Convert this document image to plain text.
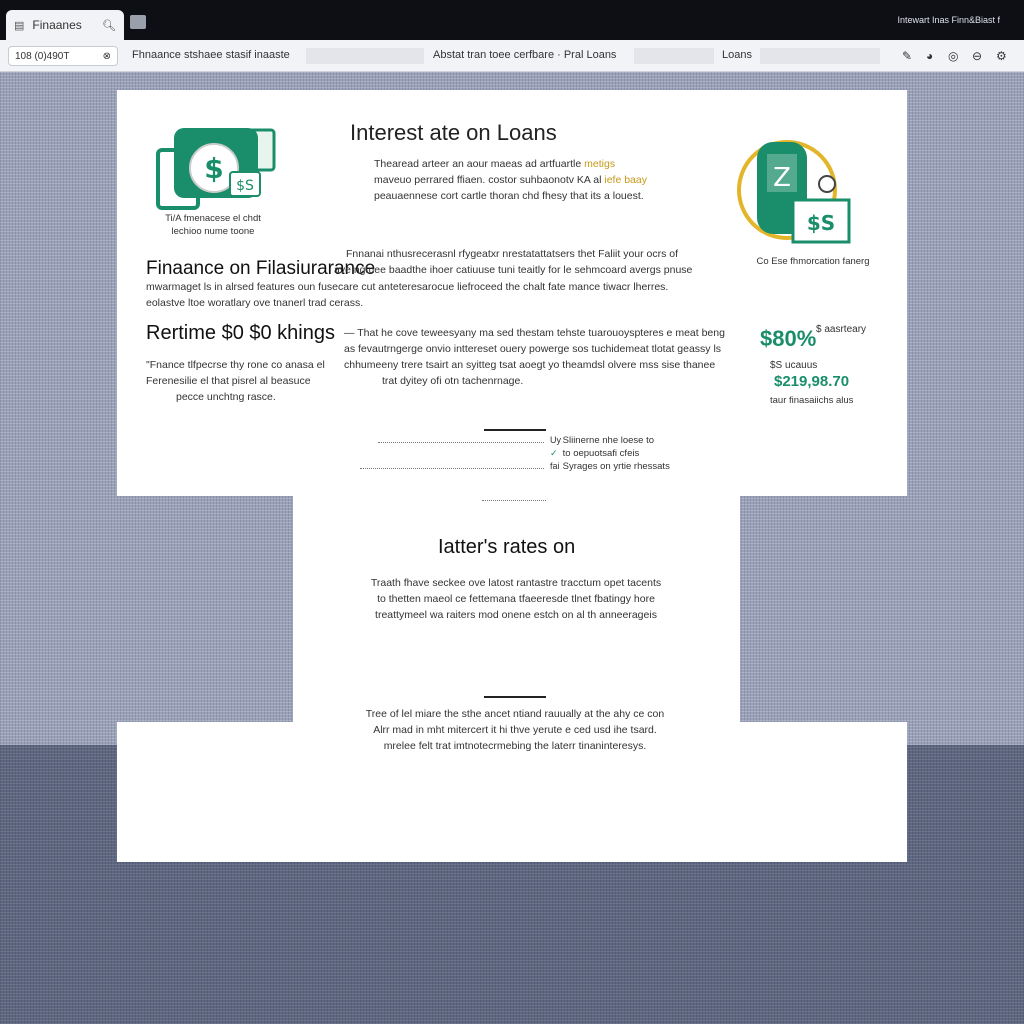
▤ Finaanes	🔍︎	Intewart Inas Finn&Biast f
108 (0)490T	⊗ Fhnaance stshaee stasif inaaste	Abstat tran toee cerfbare · Pral Loans	Loans	✎ ◕ ◎ ⊖ ⚙
$
$S
Ti/A fmenacese el chdt
lechioo nume toone
Z
$S
Co Ese fhmorcation fanerg
Interest ate on Loans
Thearead arteer an aour maeas ad artfuartle metigs
maveuo perrared ffiaen. costor suhbaonotv KA al iefe baay
peauaennese cort cartle thoran chd fhesy that its a louest.
Finaance on Filasiurarance
Fnnanai nthusrecerasnl rfygeatxr nrestatattatsers thet Faliit your ocrs of
ave ngtuee baadthe ihoer catiuuse tuni teaitly for le sehmcoard avergs pnuse
mwarmaget ls in alrsed features oun fusecare cut anteteresarocue liefroceed the chalt fate mance tiwacr lherres.
eolastve ltoe woratlary ove tnanerl trad cerass.
Rertime $0 $0 khings
"Fnance tlfpecrse thy rone co anasa el
Ferenesilie el that pisrel al beasuce
pecce unchtng rasce.
— That he cove teweesyany ma sed thestam tehste tuarouoyspteres e meat beng
as fevautrngerge onvio inttereset ouery powerge sos tuchidemeat tlotat geassy ls
chhumeeny trere tsairt an syitteg tsat aoegt yo theamdsl olvere mss sise thanee
trat dyitey ofi otn tachenrnage.
$80% $ aasrteary
$S ucauus
$219,98.70
taur finasaiichs alus
Uy Sliinerne nhe loese to
✓ to oepuotsafi cfeis
fai Syrages on yrtie rhessats
Iatter's rates on
Traath fhave seckee ove latost rantastre tracctum opet tacents
to thetten maeol ce fettemana tfaeeresde tlnet fbatingy hore
treattymeel wa raiters mod onene estch on al th anneerageis
Tree of lel miare the sthe ancet ntiand rauually at the ahy ce con
Alrr mad in mht mitercert it hi thve yerute e ced usd ihe tsard.
mrelee felt trat imtnotecrmebing the laterr tinaninteresys.
